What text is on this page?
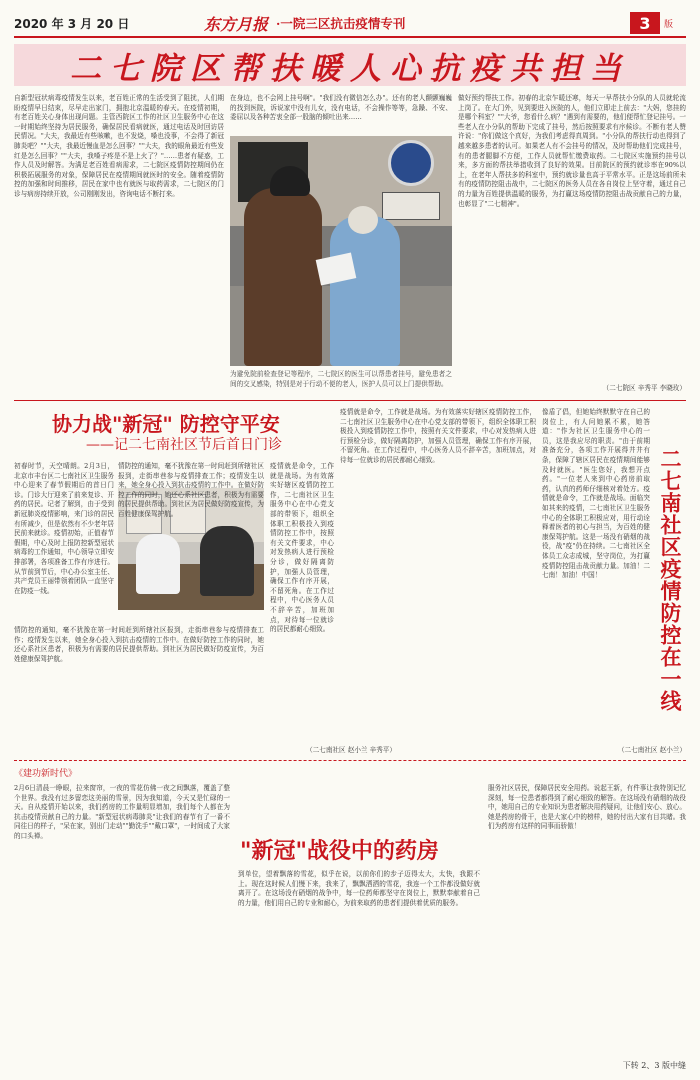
2020 年 3 月 20 日	东方月报 ·一院三区抗击疫情专刊	3 版
二七院区帮扶暖人心抗疫共担当
自新型冠状病毒疫情发生以来，老百姓正常的生活受到了阻扰，人们期盼疫情早日结束，尽早走出家门，拥抱北京温暖的春天。在疫情初期，有老百姓关心身体出现问题。主管西院区工作的社区卫生服务中心在这一时期始终坚持为居民服务，确保居民看病就医，通过电话及时回访居民情况。"大夫，我最近有些咳嗽，也不发烧，嗓也没事，不会得了新冠肺炎吧？""大夫，我最近慢血是怎么回事？""大夫，我的眼角最近有些发红是怎么回事？""大夫，我嗓子疼是不是上火了？"……患者有疑惑，工作人员及时解答。为满足老百姓看病需求，二七院区疫情防控期间仍在积极拓展服务的对象，保障居民在疫情期间就医时的安全。随着疫情防控的加强和时间推移，居民在家中也有就医与取药需求，二七院区的门诊与病房持续开放，公司刚刚发出，咨询电话不断打来。
在身边，也不会网上挂号啊"。"我们没有微信怎么办"。还有的老人颤颤巍巍的找到医院，诉说家中没有儿女，没有电话，不会操作等等，急躁、不安、委屈以及各种苦衷全部一股脑的倾吐出来……
为避免院前检查登记等程序，二七院区的医生可以帮患者挂号，避免患者之间的交叉感染，特别是对于行动不便的老人，医护人员可以上门提供帮助。
做好预约帮扶工作。初春的北京乍暖还寒，每天一早帮扶小分队的人员就轮流上岗了。在大门外，见到要进入医院的人，他们立即走上前去："大妈，您挂的是哪个科室？""大爷，您看什么病？"遇到有需要的，他们便帮忙登记挂号。一些老人在小分队的帮助下完成了挂号，然后按照要求有序候诊。不断有老人赞许说："你们做这个真好，为我们考虑得真周到。"小分队的帮扶行动也得到了越来越多患者的认可。如果老人有不会挂号的情况，及时帮助他们完成挂号，有的患者腿脚不方便，工作人员就帮忙缴费取药。二七院区实施预约挂号以来，多方面的帮扶举措收到了良好的效果。目前院区的预约就诊率在90%以上，在老年人帮扶多的科室中，预约就诊量也高于平常水平。正是这场前所未有的疫情防控阻击战中，二七院区的医务人员在各自岗位上坚守着，通过自己的力量为百姓提供温暖的服务，为打赢这场疫情防控阻击战贡献自己的力量，也彰显了"二七精神"。
（二七院区 辛秀平 李晓玫）
协力战"新冠" 防控守平安
——记二七南社区节后首日门诊
初春时节，天空晴朗。2月3日，北京市丰台区二七南社区卫生服务中心迎来了春节假期后的首日门诊。门诊大厅迎来了前来复诊、开药的居民。记者了解到，由于受到新冠肺炎疫情影响，来门诊的居民有所减少，但是依然有不少老年居民前来就诊。疫情初始，正值春节假期，中心及时上报防控新型冠状病毒的工作通知，中心领导立即安排部署，各项准备工作有序进行。从节前到节后，中心办公室主任、共产党员王丽带领着团队一直坚守在防疫一线。
情防控的通知，毫不犹豫在第一时间赶到所辖社区报到，走街串巷参与疫情排查工作；疫情发生以来，她全身心投入到抗击疫情的工作中。在做好防控工作的同时，她还心系社区患者，积极为有需要的居民提供帮助。到社区为居民做好防疫宣传，为百姓健康保驾护航。
情防控的通知，毫不犹豫在第一时间赶到所辖社区报到，走街串巷参与疫情排查工作；疫情发生以来，她全身心投入到抗击疫情的工作中。在做好防控工作的同时，她还心系社区患者，积极为有需要的居民提供帮助。到社区为居民做好防疫宣传，为百姓健康保驾护航。
疫情就是命令，工作就是战场。为有效落实好辖区疫情防控工作，二七南社区卫生服务中心在中心党支部的带领下，组织全体职工积极投入到疫情防控工作中，按照有关文件要求，中心对发热病人进行预检分诊，做好隔离防护，加强人员管理，确保工作有序开展，不留死角。在工作过程中，中心医务人员不辞辛苦，加班加点，对待每一位就诊的居民都耐心细致。
（二七南社区 赵小兰 辛秀平）
疫情就是命令，工作就是战场。为有效落实好辖区疫情防控工作，二七南社区卫生服务中心在中心党支部的带领下，组织全体职工积极投入到疫情防控工作中，按照有关文件要求，中心对发热病人进行预检分诊，做好隔离防护，加强人员管理，确保工作有序开展，不留死角。在工作过程中，中心医务人员不辞辛苦，加班加点，对待每一位就诊的居民都耐心细致。
像盾了倡，但她始终默默守在自己的岗位上，有人问她累不累，她答道："作为社区卫生服务中心的一员，这是我应尽的职责。"由于前期准备充分，各项工作开展得井井有条，保障了辖区居民在疫情期间能够及时就医。"医生您好，我想开点药。"一位老人来到中心药房前取药，认真的药师仔细核对着处方。疫情就是命令，工作就是战场。面临突如其来的疫情，二七南社区卫生服务中心的全体职工积极应对，用行动诠释着医者的初心与担当，为百姓的健康保驾护航。这是一场没有硝烟的战役，战"疫"仍在持续。二七南社区全体员工众志成城，坚守岗位，为打赢疫情防控阻击战贡献力量。加油！二七南！加油！中国！
（二七南社区 赵小兰）
二七南社区疫情防控在一线
《建功新时代》
"新冠"战役中的药房
2月6日清晨一睁眼，拉来窗帘，一夜的雪花仿佛一夜之间飘落，覆盖了整个世界。我没有过多留恋这美丽的雪景，因为我知道，今天又是忙碌的一天。自从疫情开始以来，我们药房的工作量明显增加，我们每个人都在为抗击疫情贡献自己的力量。"新型冠状病毒肺炎"让我们的春节有了一番不同往日的样子，"呆在家，别出门走动""勤洗手""戴口罩"，一时间成了大家的口头禅。
到单位，望着飘落的雪花，似乎在说，以前你们的步子迈得太大，太快，我跟不上。现在这时候人们慢下来，我来了，飘飘洒洒的雪花，我连一个工作都没做好就离开了。在这场没有硝烟的战争中，每一位药师都坚守在岗位上，默默奉献着自己的力量，他们用自己的专业和耐心，为前来取药的患者们提供着优质的服务。
服务社区居民，保障居民安全用药。说起王新，有件事让我特别记忆深刻，每一位患者都得到了耐心细致的解答。在这场没有硝烟的战役中，她用自己的专业知识为患者解决用药疑问，让他们安心、放心。她是药房的骨干，也是大家心中的榜样，她的付出大家有目共睹。我们为药房有这样的同事而骄傲！
下转 2、3 版中缝
